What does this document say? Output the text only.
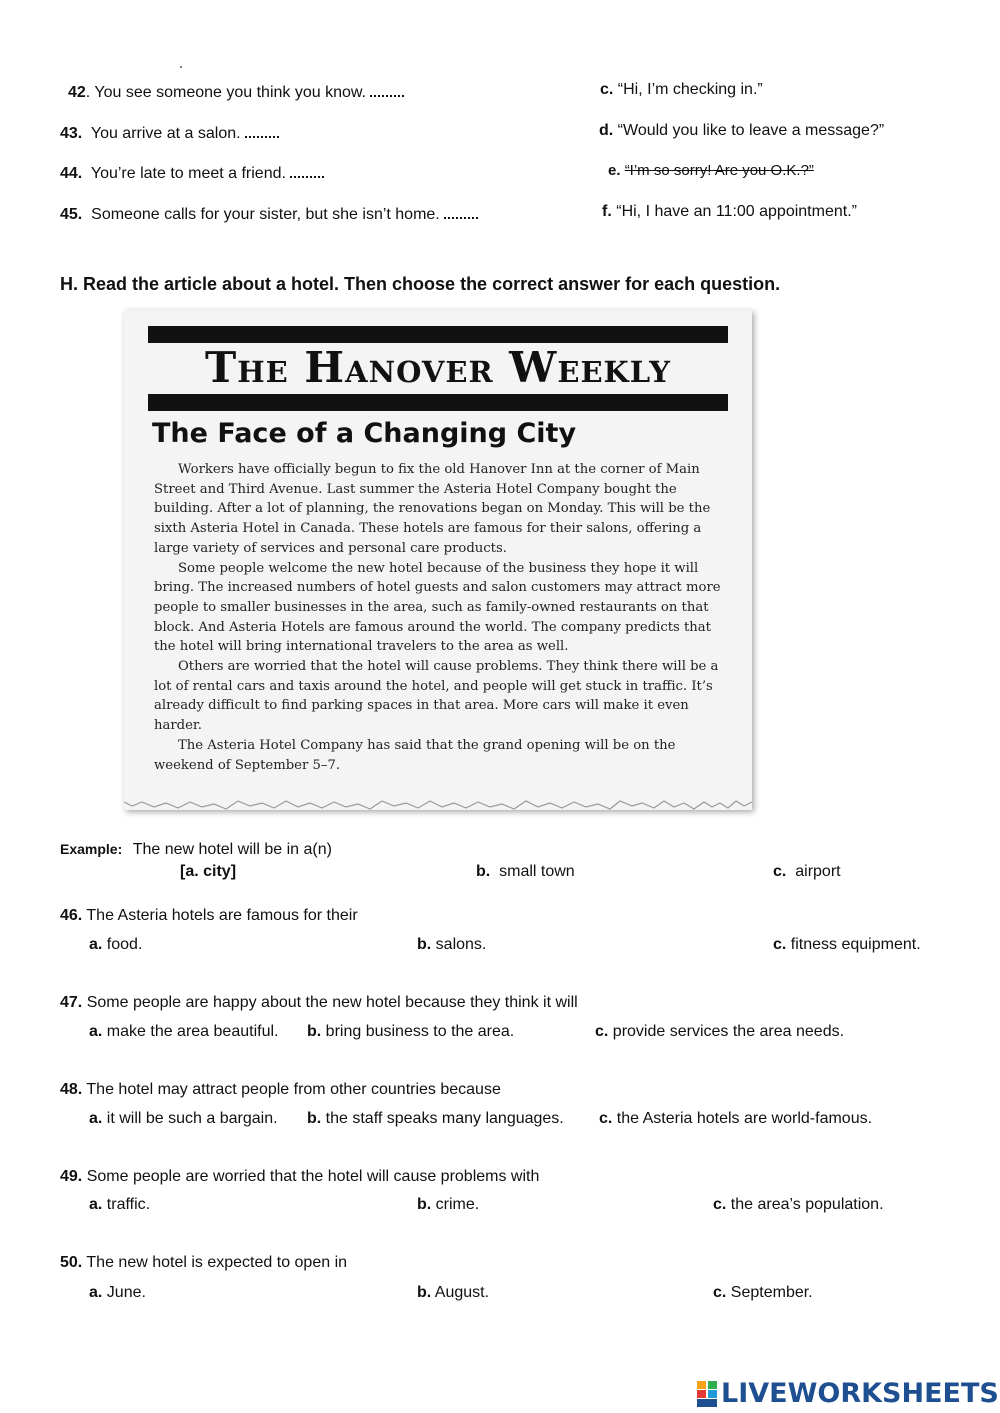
42. You see someone you think you know.
43. You arrive at a salon.
44. You’re late to meet a friend.
45. Someone calls for your sister, but she isn’t home.
c. “Hi, I’m checking in.”
d. “Would you like to leave a message?”
e. “I’m so sorry! Are you O.K.?”
f. “Hi, I have an 11:00 appointment.”
H. Read the article about a hotel. Then choose the correct answer for each question.
The Hanover Weekly
The Face of a Changing City

Workers have officially begun to fix the old Hanover Inn at the corner of Main Street and Third Avenue. Last summer the Asteria Hotel Company bought the building. After a lot of planning, the renovations began on Monday. This will be the sixth Asteria Hotel in Canada. These hotels are famous for their salons, offering a large variety of services and personal care products.

Some people welcome the new hotel because of the business they hope it will bring. The increased numbers of hotel guests and salon customers may attract more people to smaller businesses in the area, such as family-owned restaurants on that block. And Asteria Hotels are famous around the world. The company predicts that the hotel will bring international travelers to the area as well.

Others are worried that the hotel will cause problems. They think there will be a lot of rental cars and taxis around the hotel, and people will get stuck in traffic. It’s already difficult to find parking spaces in that area. More cars will make it even harder.

The Asteria Hotel Company has said that the grand opening will be on the weekend of September 5–7.

Example: The new hotel will be in a(n)
[a. city]	b. small town	c. airport
46. The Asteria hotels are famous for their
a. food.	b. salons.	c. fitness equipment.
47. Some people are happy about the new hotel because they think it will
a. make the area beautiful. b. bring business to the area.	c. provide services the area needs.
48. The hotel may attract people from other countries because
a. it will be such a bargain. b. the staff speaks many languages. c. the Asteria hotels are world-famous.
49. Some people are worried that the hotel will cause problems with
a. traffic.	b. crime.	c. the area’s population.
50. The new hotel is expected to open in
a. June.	b. August.	c. September.
LIVEWORKSHEETS
